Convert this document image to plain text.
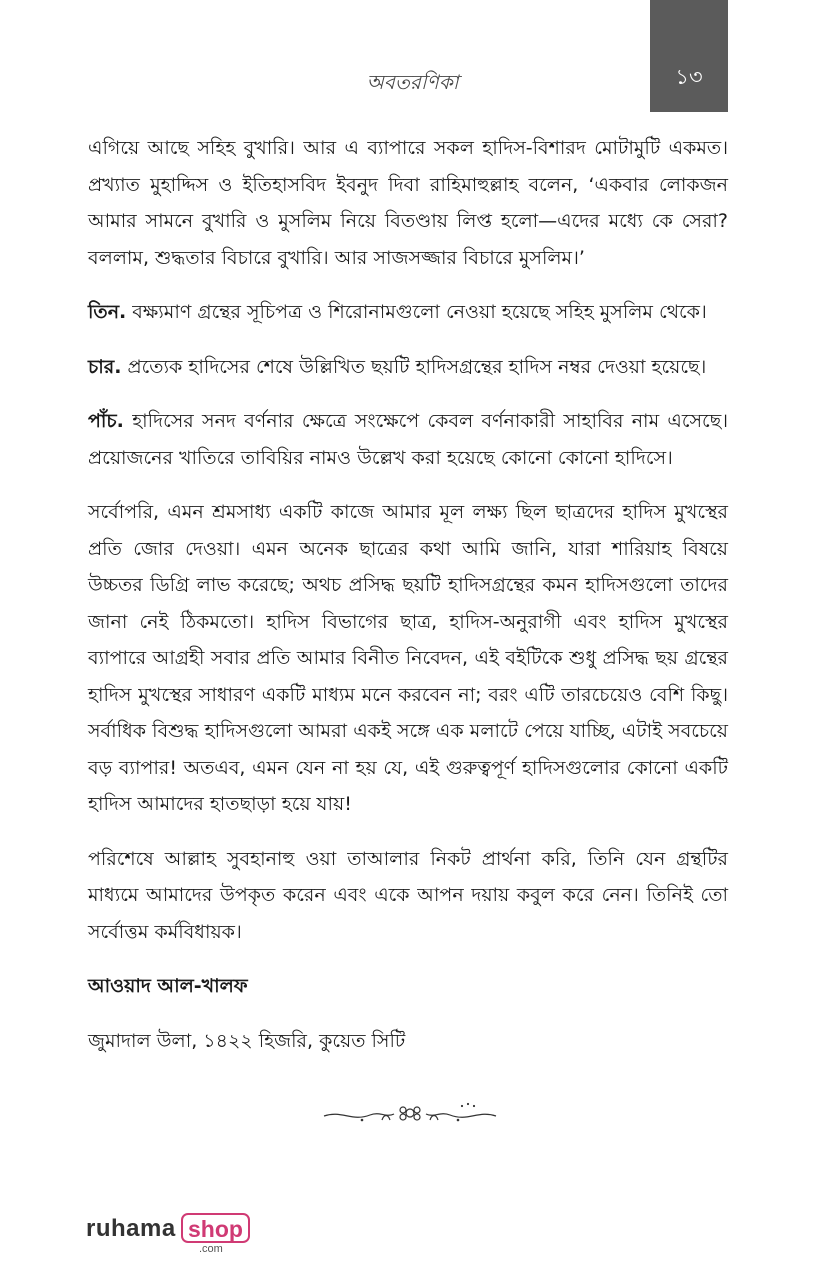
অবতরণিকা	১৩

এগিয়ে আছে সহিহ বুখারি। আর এ ব্যাপারে সকল হাদিস-বিশারদ মোটামুটি একমত। প্রখ্যাত মুহাদ্দিস ও ইতিহাসবিদ ইবনুদ দিবা রাহিমাহুল্লাহ বলেন, ‘একবার লোকজন আমার সামনে বুখারি ও মুসলিম নিয়ে বিতণ্ডায় লিপ্ত হলো—এদের মধ্যে কে সেরা? বললাম, শুদ্ধতার বিচারে বুখারি। আর সাজসজ্জার বিচারে মুসলিম।’

তিন. বক্ষ্যমাণ গ্রন্থের সূচিপত্র ও শিরোনামগুলো নেওয়া হয়েছে সহিহ মুসলিম থেকে।

চার. প্রত্যেক হাদিসের শেষে উল্লিখিত ছয়টি হাদিসগ্রন্থের হাদিস নম্বর দেওয়া হয়েছে।

পাঁচ. হাদিসের সনদ বর্ণনার ক্ষেত্রে সংক্ষেপে কেবল বর্ণনাকারী সাহাবির নাম এসেছে। প্রয়োজনের খাতিরে তাবিয়ির নামও উল্লেখ করা হয়েছে কোনো কোনো হাদিসে।

সর্বোপরি, এমন শ্রমসাধ্য একটি কাজে আমার মূল লক্ষ্য ছিল ছাত্রদের হাদিস মুখস্থের প্রতি জোর দেওয়া। এমন অনেক ছাত্রের কথা আমি জানি, যারা শারিয়াহ বিষয়ে উচ্চতর ডিগ্রি লাভ করেছে; অথচ প্রসিদ্ধ ছয়টি হাদিসগ্রন্থের কমন হাদিসগুলো তাদের জানা নেই ঠিকমতো। হাদিস বিভাগের ছাত্র, হাদিস-অনুরাগী এবং হাদিস মুখস্থের ব্যাপারে আগ্রহী সবার প্রতি আমার বিনীত নিবেদন, এই বইটিকে শুধু প্রসিদ্ধ ছয় গ্রন্থের হাদিস মুখস্থের সাধারণ একটি মাধ্যম মনে করবেন না; বরং এটি তারচেয়েও বেশি কিছু। সর্বাধিক বিশুদ্ধ হাদিসগুলো আমরা একই সঙ্গে এক মলাটে পেয়ে যাচ্ছি, এটাই সবচেয়ে বড় ব্যাপার! অতএব, এমন যেন না হয় যে, এই গুরুত্বপূর্ণ হাদিসগুলোর কোনো একটি হাদিস আমাদের হাতছাড়া হয়ে যায়!

পরিশেষে আল্লাহ সুবহানাহু ওয়া তাআলার নিকট প্রার্থনা করি, তিনি যেন গ্রন্থটির মাধ্যমে আমাদের উপকৃত করেন এবং একে আপন দয়ায় কবুল করে নেন। তিনিই তো সর্বোত্তম কর্মবিধায়ক।

আওয়াদ আল-খালফ

জুমাদাল উলা, ১৪২২ হিজরি, কুয়েত সিটি

ruhama shop
.com
